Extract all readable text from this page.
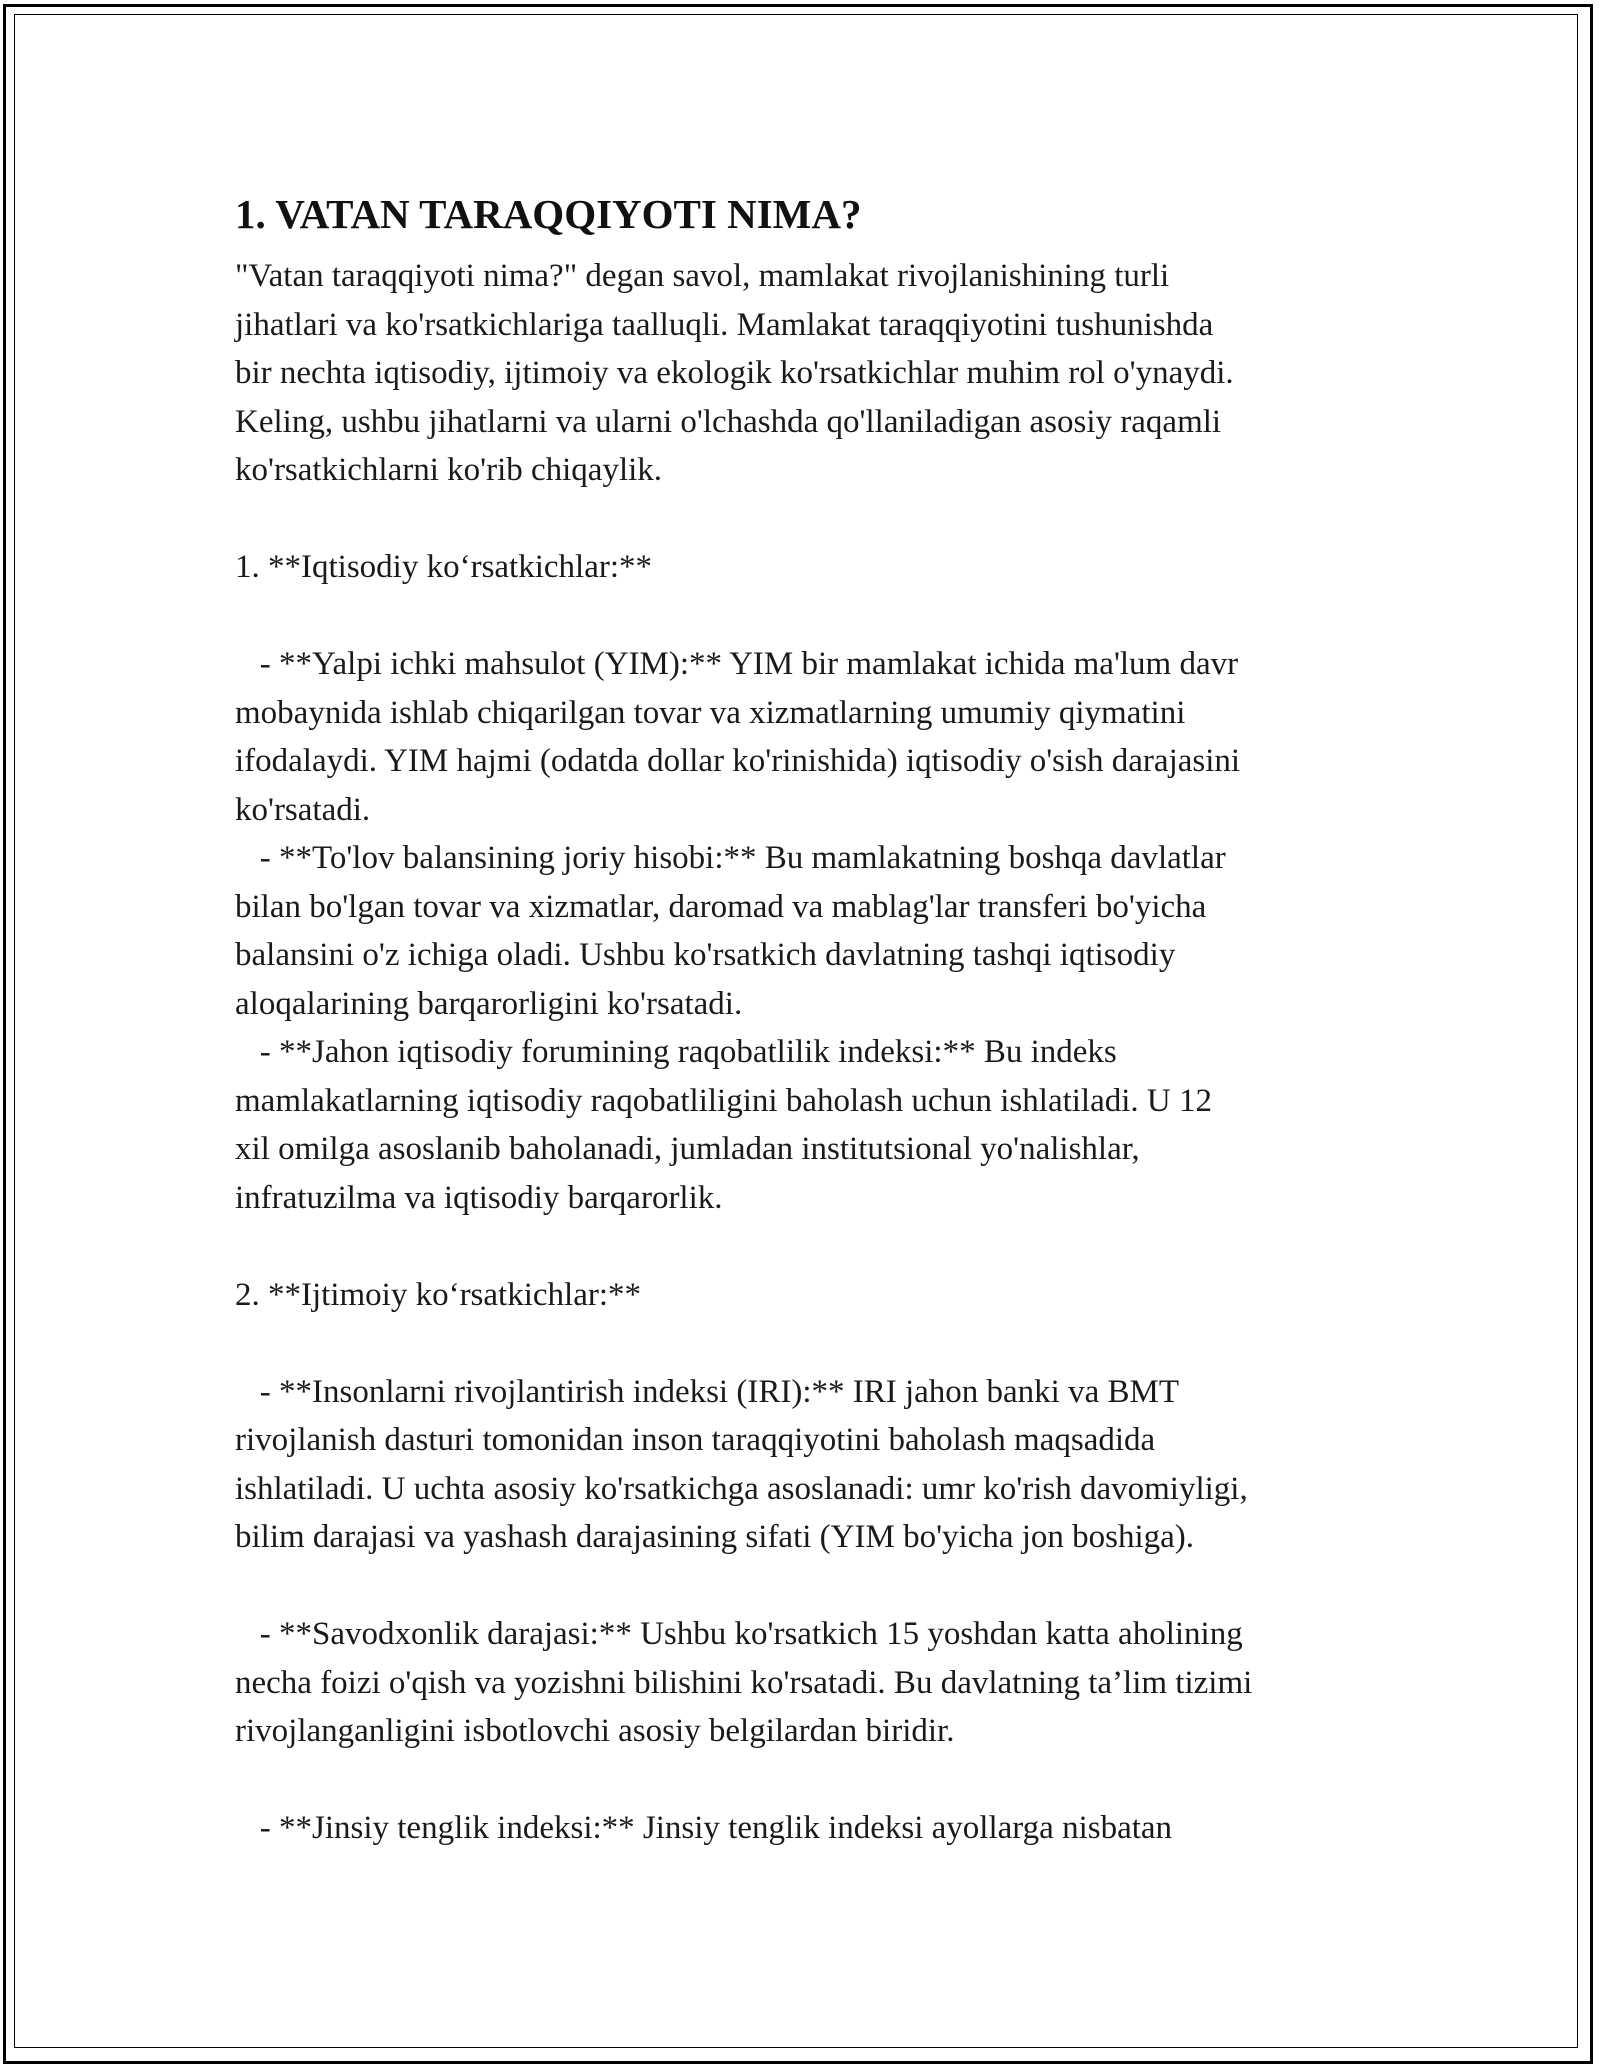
1. VATAN TARAQQIYOTI NIMA?

"Vatan taraqqiyoti nima?" degan savol, mamlakat rivojlanishining turli

jihatlari va ko'rsatkichlariga taalluqli. Mamlakat taraqqiyotini tushunishda

bir nechta iqtisodiy, ijtimoiy va ekologik ko'rsatkichlar muhim rol o'ynaydi.

Keling, ushbu jihatlarni va ularni o'lchashda qo'llaniladigan asosiy raqamli

ko'rsatkichlarni ko'rib chiqaylik.

1. **Iqtisodiy ko‘rsatkichlar:**

- **Yalpi ichki mahsulot (YIM):** YIM bir mamlakat ichida ma'lum davr

mobaynida ishlab chiqarilgan tovar va xizmatlarning umumiy qiymatini

ifodalaydi. YIM hajmi (odatda dollar ko'rinishida) iqtisodiy o'sish darajasini

ko'rsatadi.

- **To'lov balansining joriy hisobi:** Bu mamlakatning boshqa davlatlar

bilan bo'lgan tovar va xizmatlar, daromad va mablag'lar transferi bo'yicha

balansini o'z ichiga oladi. Ushbu ko'rsatkich davlatning tashqi iqtisodiy

aloqalarining barqarorligini ko'rsatadi.

- **Jahon iqtisodiy forumining raqobatlilik indeksi:** Bu indeks

mamlakatlarning iqtisodiy raqobatliligini baholash uchun ishlatiladi. U 12

xil omilga asoslanib baholanadi, jumladan institutsional yo'nalishlar,

infratuzilma va iqtisodiy barqarorlik.

2. **Ijtimoiy ko‘rsatkichlar:**

- **Insonlarni rivojlantirish indeksi (IRI):** IRI jahon banki va BMT

rivojlanish dasturi tomonidan inson taraqqiyotini baholash maqsadida

ishlatiladi. U uchta asosiy ko'rsatkichga asoslanadi: umr ko'rish davomiyligi,

bilim darajasi va yashash darajasining sifati (YIM bo'yicha jon boshiga).

- **Savodxonlik darajasi:** Ushbu ko'rsatkich 15 yoshdan katta aholining

necha foizi o'qish va yozishni bilishini ko'rsatadi. Bu davlatning ta’lim tizimi

rivojlanganligini isbotlovchi asosiy belgilardan biridir.

- **Jinsiy tenglik indeksi:** Jinsiy tenglik indeksi ayollarga nisbatan
